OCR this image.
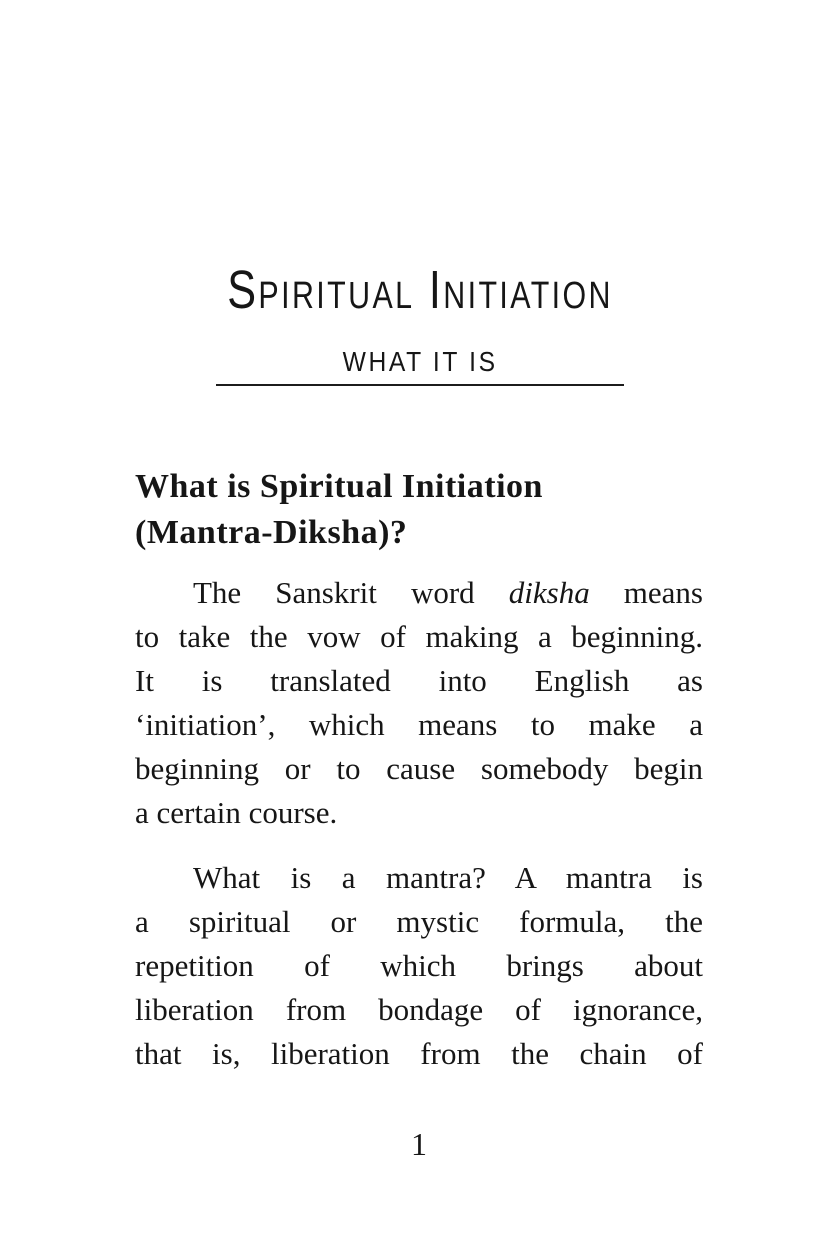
Spiritual Initiation
WHAT IT IS
What is Spiritual Initiation
(Mantra-Diksha)?
The Sanskrit word diksha means
to take the vow of making a beginning.
It is translated into English as
‘initiation’, which means to make a
beginning or to cause somebody begin
a certain course.
What is a mantra? A mantra is
a spiritual or mystic formula, the
repetition of which brings about
liberation from bondage of ignorance,
that is, liberation from the chain of
1
